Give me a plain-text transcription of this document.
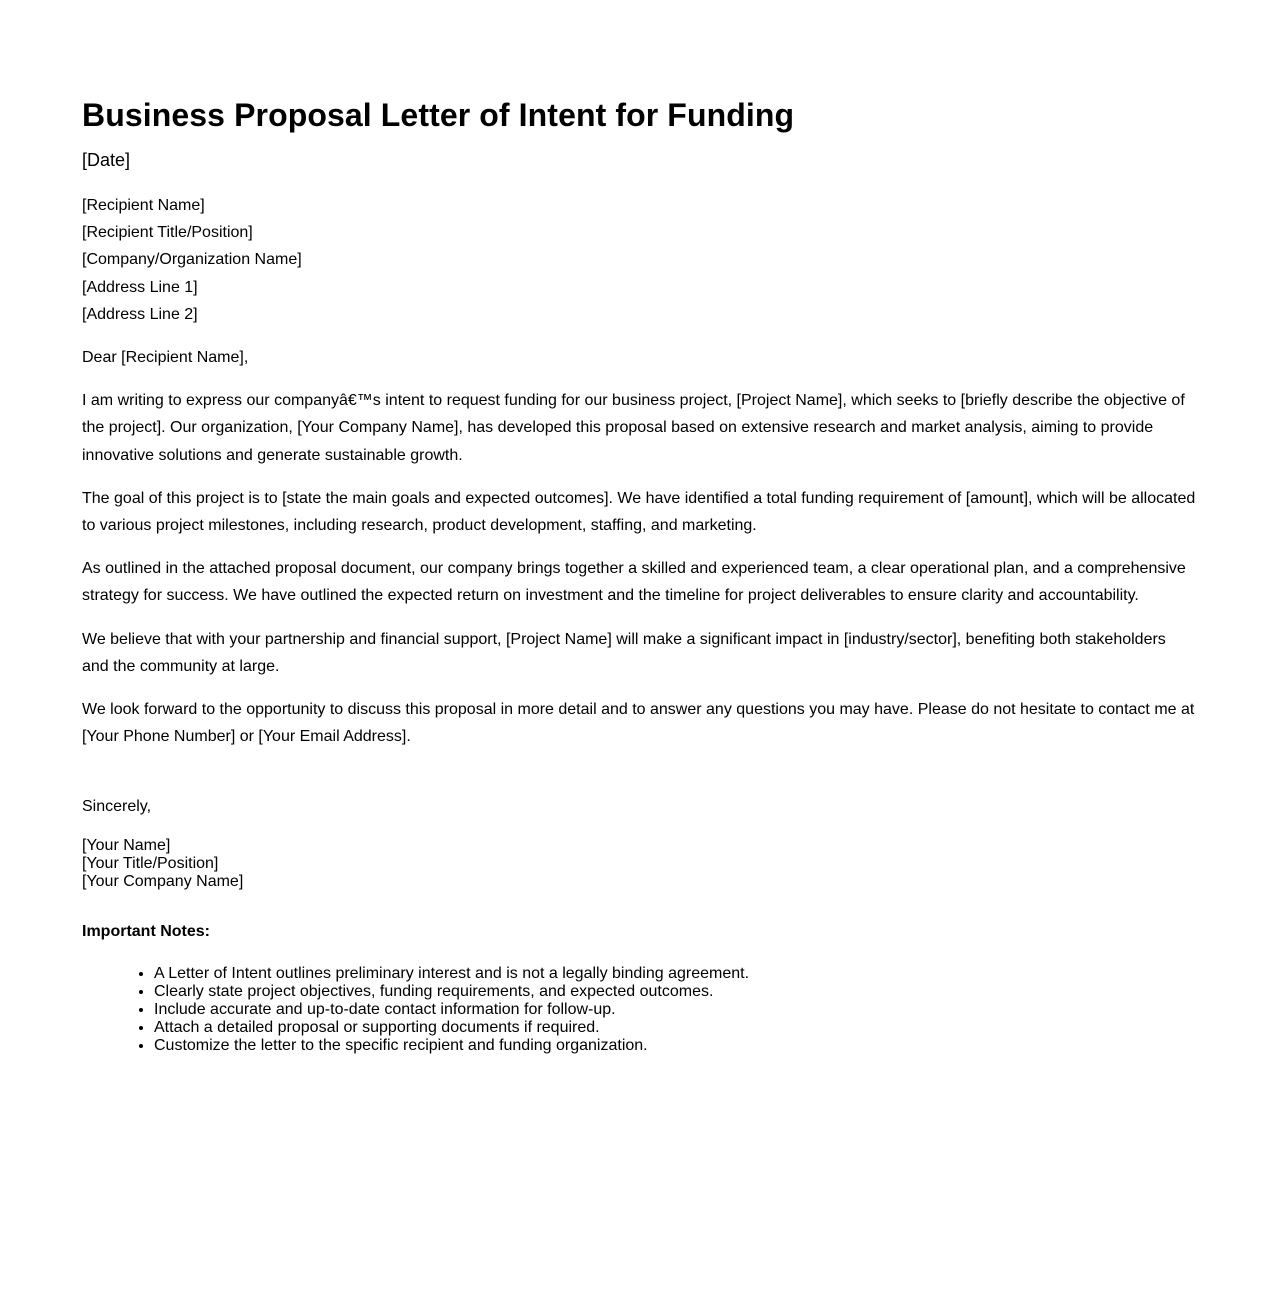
Business Proposal Letter of Intent for Funding
[Date]
[Recipient Name]
[Recipient Title/Position]
[Company/Organization Name]
[Address Line 1]
[Address Line 2]
Dear [Recipient Name],

I am writing to express our companyâ€™s intent to request funding for our business project, [Project Name], which seeks to [briefly describe the objective of the project]. Our organization, [Your Company Name], has developed this proposal based on extensive research and market analysis, aiming to provide innovative solutions and generate sustainable growth.

The goal of this project is to [state the main goals and expected outcomes]. We have identified a total funding requirement of [amount], which will be allocated to various project milestones, including research, product development, staffing, and marketing.

As outlined in the attached proposal document, our company brings together a skilled and experienced team, a clear operational plan, and a comprehensive strategy for success. We have outlined the expected return on investment and the timeline for project deliverables to ensure clarity and accountability.

We believe that with your partnership and financial support, [Project Name] will make a significant impact in [industry/sector], benefiting both stakeholders and the community at large.

We look forward to the opportunity to discuss this proposal in more detail and to answer any questions you may have. Please do not hesitate to contact me at [Your Phone Number] or [Your Email Address].

Sincerely,
[Your Name]
[Your Title/Position]
[Your Company Name]
Important Notes:
• A Letter of Intent outlines preliminary interest and is not a legally binding agreement.
• Clearly state project objectives, funding requirements, and expected outcomes.
• Include accurate and up-to-date contact information for follow-up.
• Attach a detailed proposal or supporting documents if required.
• Customize the letter to the specific recipient and funding organization.
